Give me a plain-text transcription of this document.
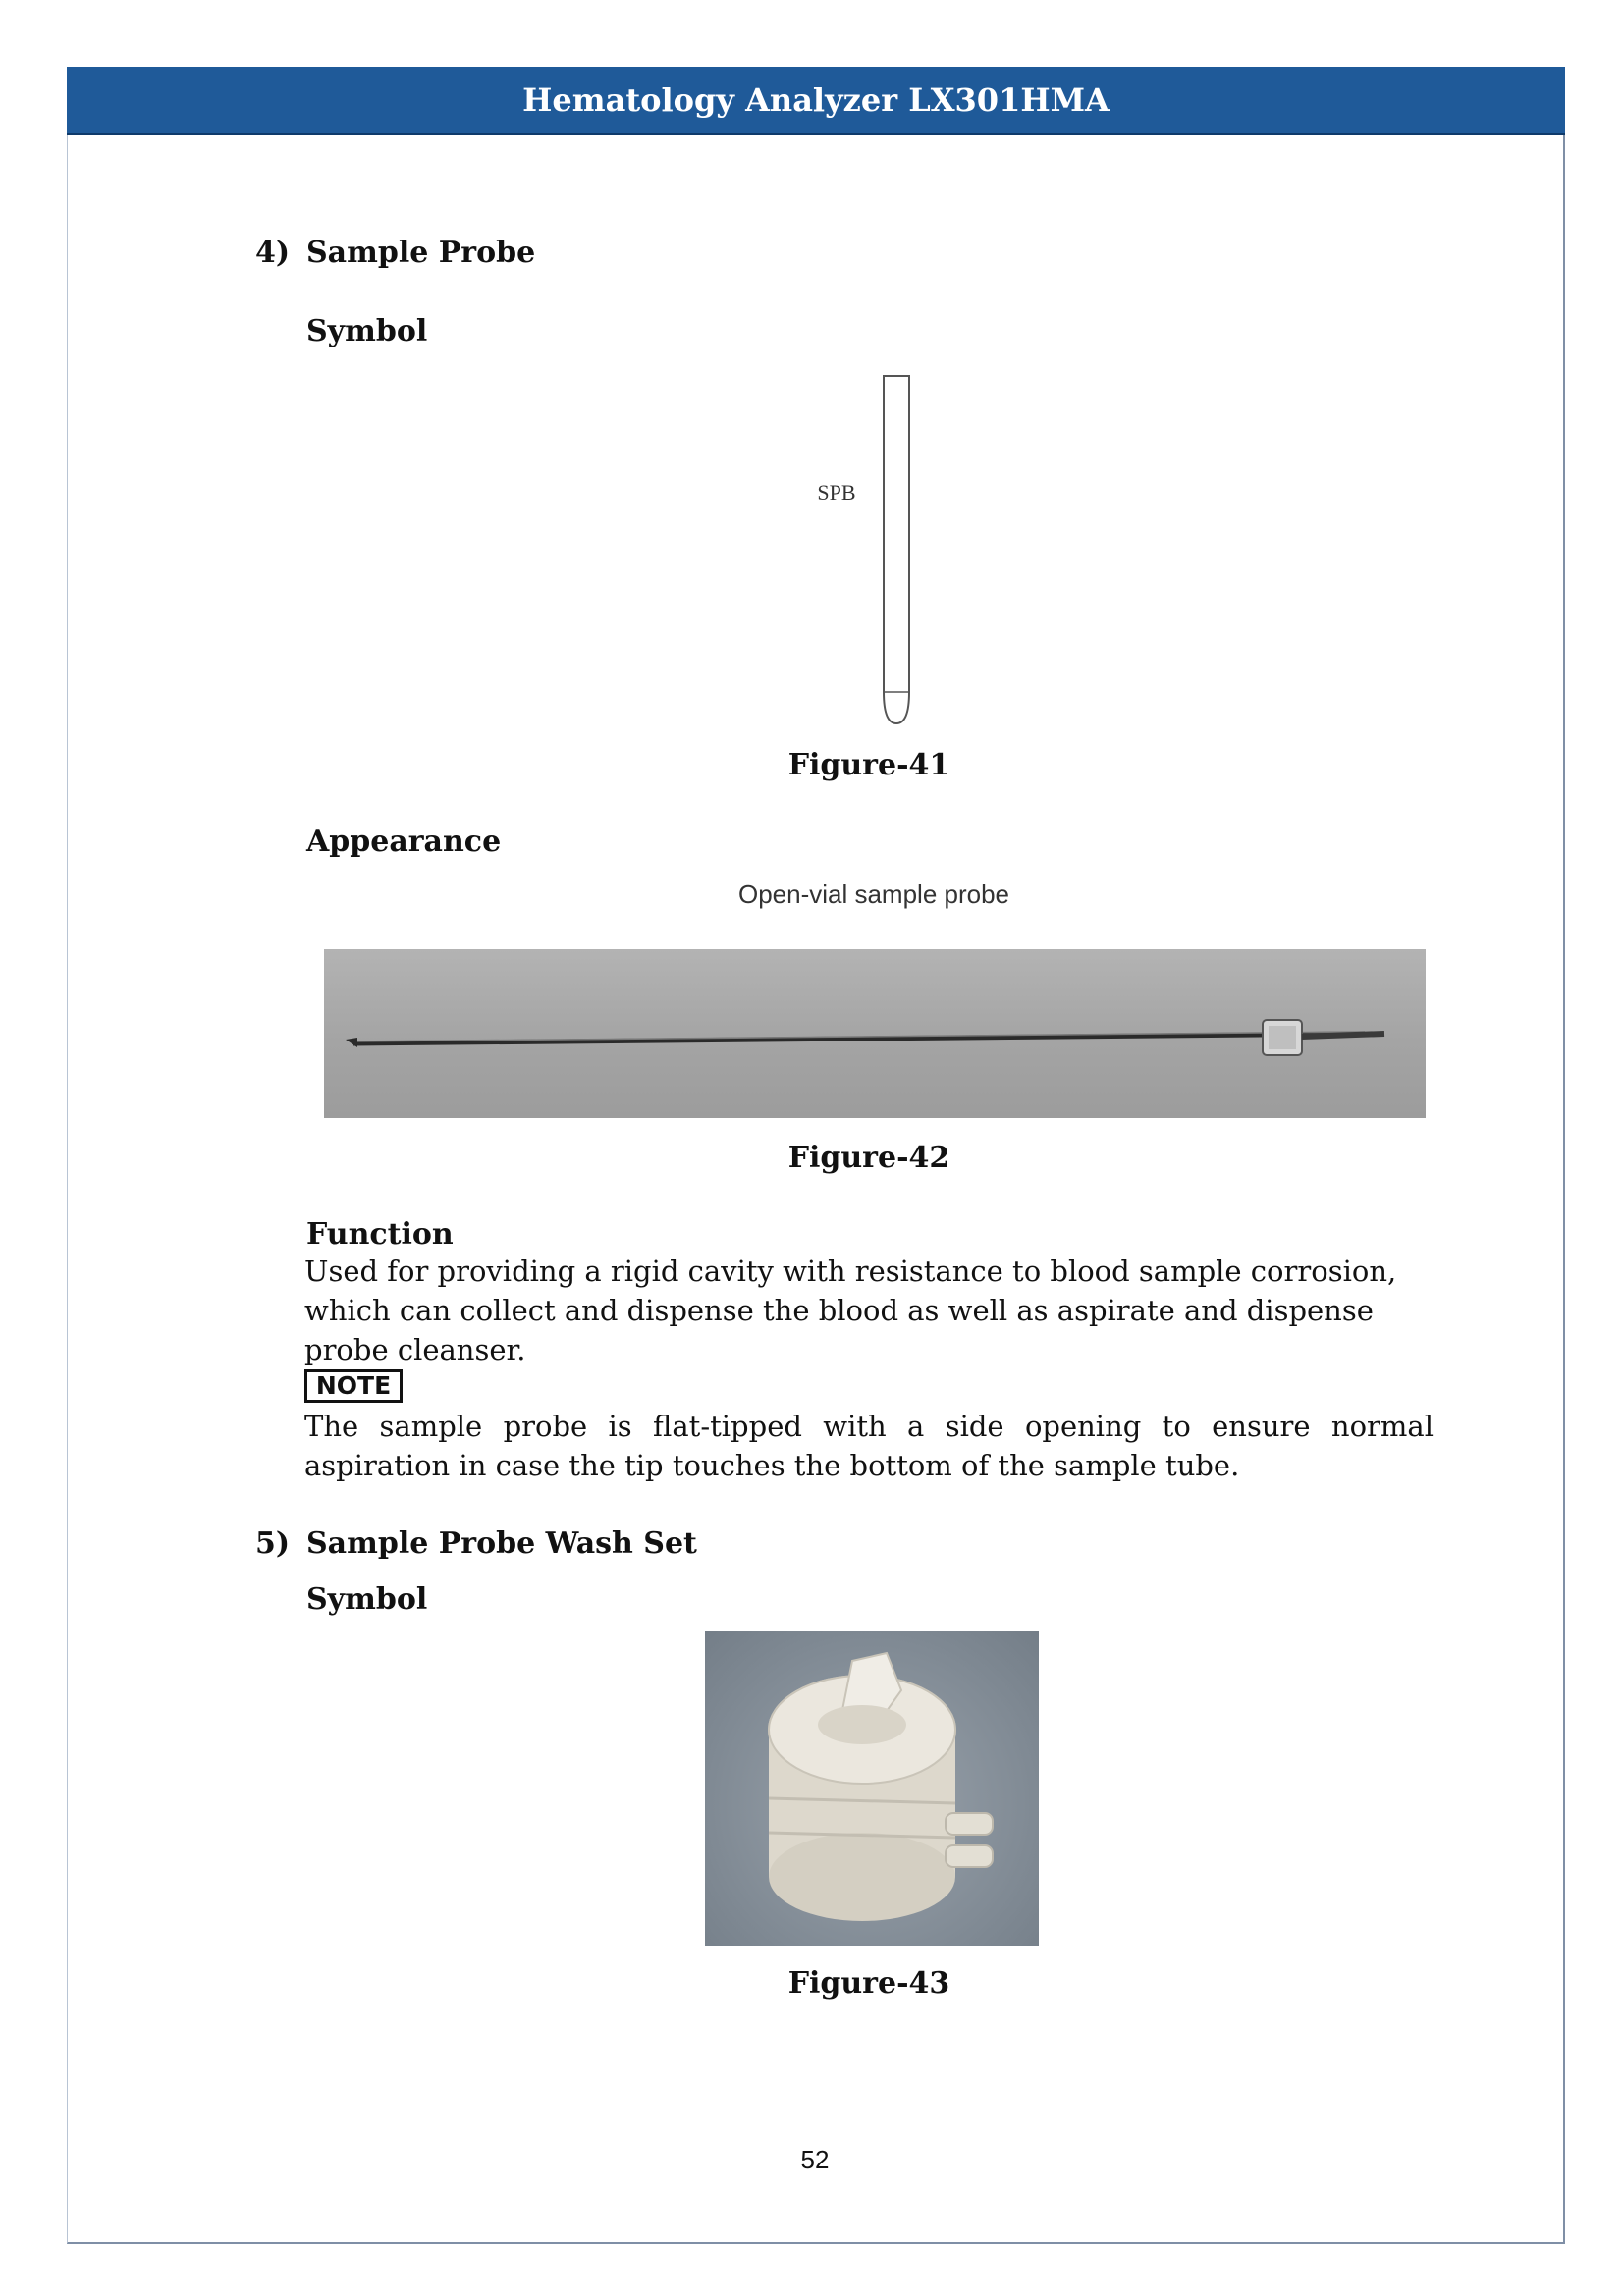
Hematology Analyzer LX301HMA
4) Sample Probe
Symbol
SPB
Figure-41
Appearance
Open-vial sample probe
Figure-42
Function
Used for providing a rigid cavity with resistance to blood sample corrosion, which can collect and dispense the blood as well as aspirate and dispense probe cleanser.
NOTE
The sample probe is flat-tipped with a side opening to ensure normal aspiration in case the tip touches the bottom of the sample tube.
5) Sample Probe Wash Set
Symbol
Figure-43
52
